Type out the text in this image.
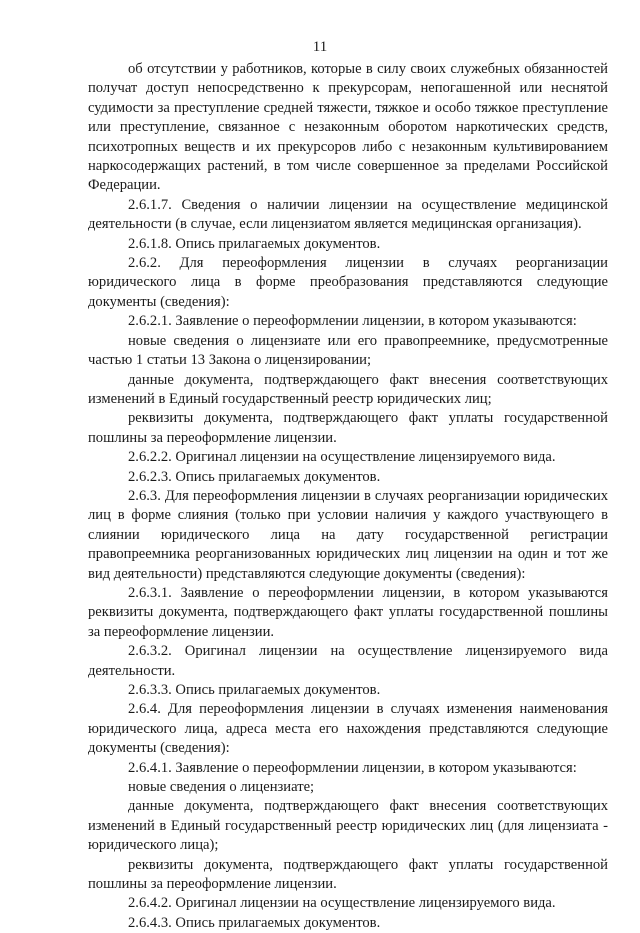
11

об отсутствии у работников, которые в силу своих служебных обязанностей получат доступ непосредственно к прекурсорам, непогашенной или неснятой судимости за преступление средней тяжести, тяжкое и особо тяжкое преступление или преступление, связанное с незаконным оборотом наркотических средств, психотропных веществ и их прекурсоров либо с незаконным культивированием наркосодержащих растений, в том числе совершенное за пределами Российской Федерации.

2.6.1.7. Сведения о наличии лицензии на осуществление медицинской деятельности (в случае, если лицензиатом является медицинская организация).

2.6.1.8. Опись прилагаемых документов.

2.6.2. Для переоформления лицензии в случаях реорганизации юридического лица в форме преобразования представляются следующие документы (сведения):

2.6.2.1. Заявление о переоформлении лицензии, в котором указываются:

новые сведения о лицензиате или его правопреемнике, предусмотренные частью 1 статьи 13 Закона о лицензировании;

данные документа, подтверждающего факт внесения соответствующих изменений в Единый государственный реестр юридических лиц;

реквизиты документа, подтверждающего факт уплаты государственной пошлины за переоформление лицензии.

2.6.2.2. Оригинал лицензии на осуществление лицензируемого вида.

2.6.2.3. Опись прилагаемых документов.

2.6.3. Для переоформления лицензии в случаях реорганизации юридических лиц в форме слияния (только при условии наличия у каждого участвующего в слиянии юридического лица на дату государственной регистрации правопреемника реорганизованных юридических лиц лицензии на один и тот же вид деятельности) представляются следующие документы (сведения):

2.6.3.1. Заявление о переоформлении лицензии, в котором указываются реквизиты документа, подтверждающего факт уплаты государственной пошлины за переоформление лицензии.

2.6.3.2. Оригинал лицензии на осуществление лицензируемого вида деятельности.

2.6.3.3. Опись прилагаемых документов.

2.6.4. Для переоформления лицензии в случаях изменения наименования юридического лица, адреса места его нахождения представляются следующие документы (сведения):

2.6.4.1. Заявление о переоформлении лицензии, в котором указываются:

новые сведения о лицензиате;

данные документа, подтверждающего факт внесения соответствующих изменений в Единый государственный реестр юридических лиц (для лицензиата - юридического лица);

реквизиты документа, подтверждающего факт уплаты государственной пошлины за переоформление лицензии.

2.6.4.2. Оригинал лицензии на осуществление лицензируемого вида.

2.6.4.3. Опись прилагаемых документов.
